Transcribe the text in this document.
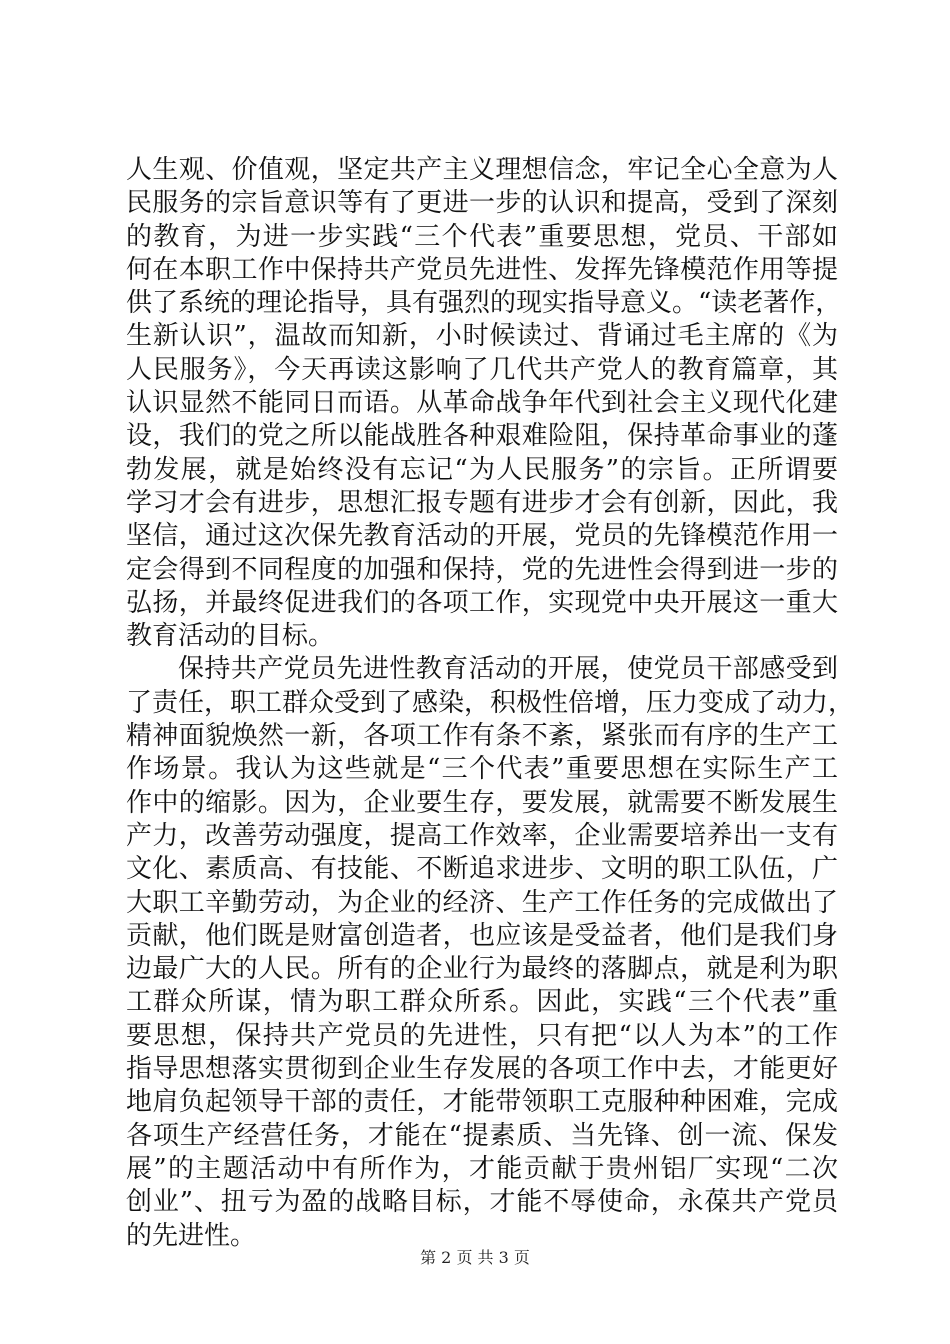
人生观、价值观，坚定共产主义理想信念，牢记全心全意为人
民服务的宗旨意识等有了更进一步的认识和提高，受到了深刻
的教育，为进一步实践“三个代表”重要思想，党员、干部如
何在本职工作中保持共产党员先进性、发挥先锋模范作用等提
供了系统的理论指导，具有强烈的现实指导意义。“读老著作，
生新认识”，温故而知新，小时候读过、背诵过毛主席的《为
人民服务》，今天再读这影响了几代共产党人的教育篇章，其
认识显然不能同日而语。从革命战争年代到社会主义现代化建
设，我们的党之所以能战胜各种艰难险阻，保持革命事业的蓬
勃发展，就是始终没有忘记“为人民服务”的宗旨。正所谓要
学习才会有进步，思想汇报专题有进步才会有创新，因此，我
坚信，通过这次保先教育活动的开展，党员的先锋模范作用一
定会得到不同程度的加强和保持，党的先进性会得到进一步的
弘扬，并最终促进我们的各项工作，实现党中央开展这一重大
教育活动的目标。
保持共产党员先进性教育活动的开展，使党员干部感受到
了责任，职工群众受到了感染，积极性倍增，压力变成了动力，
精神面貌焕然一新，各项工作有条不紊，紧张而有序的生产工
作场景。我认为这些就是“三个代表”重要思想在实际生产工
作中的缩影。因为，企业要生存，要发展，就需要不断发展生
产力，改善劳动强度，提高工作效率，企业需要培养出一支有
文化、素质高、有技能、不断追求进步、文明的职工队伍，广
大职工辛勤劳动，为企业的经济、生产工作任务的完成做出了
贡献，他们既是财富创造者，也应该是受益者，他们是我们身
边最广大的人民。所有的企业行为最终的落脚点，就是利为职
工群众所谋，情为职工群众所系。因此，实践“三个代表”重
要思想，保持共产党员的先进性，只有把“以人为本”的工作
指导思想落实贯彻到企业生存发展的各项工作中去，才能更好
地肩负起领导干部的责任，才能带领职工克服种种困难，完成
各项生产经营任务，才能在“提素质、当先锋、创一流、保发
展”的主题活动中有所作为，才能贡献于贵州铝厂实现“二次
创业”、扭亏为盈的战略目标，才能不辱使命，永葆共产党员
的先进性。
第 2 页 共 3 页
